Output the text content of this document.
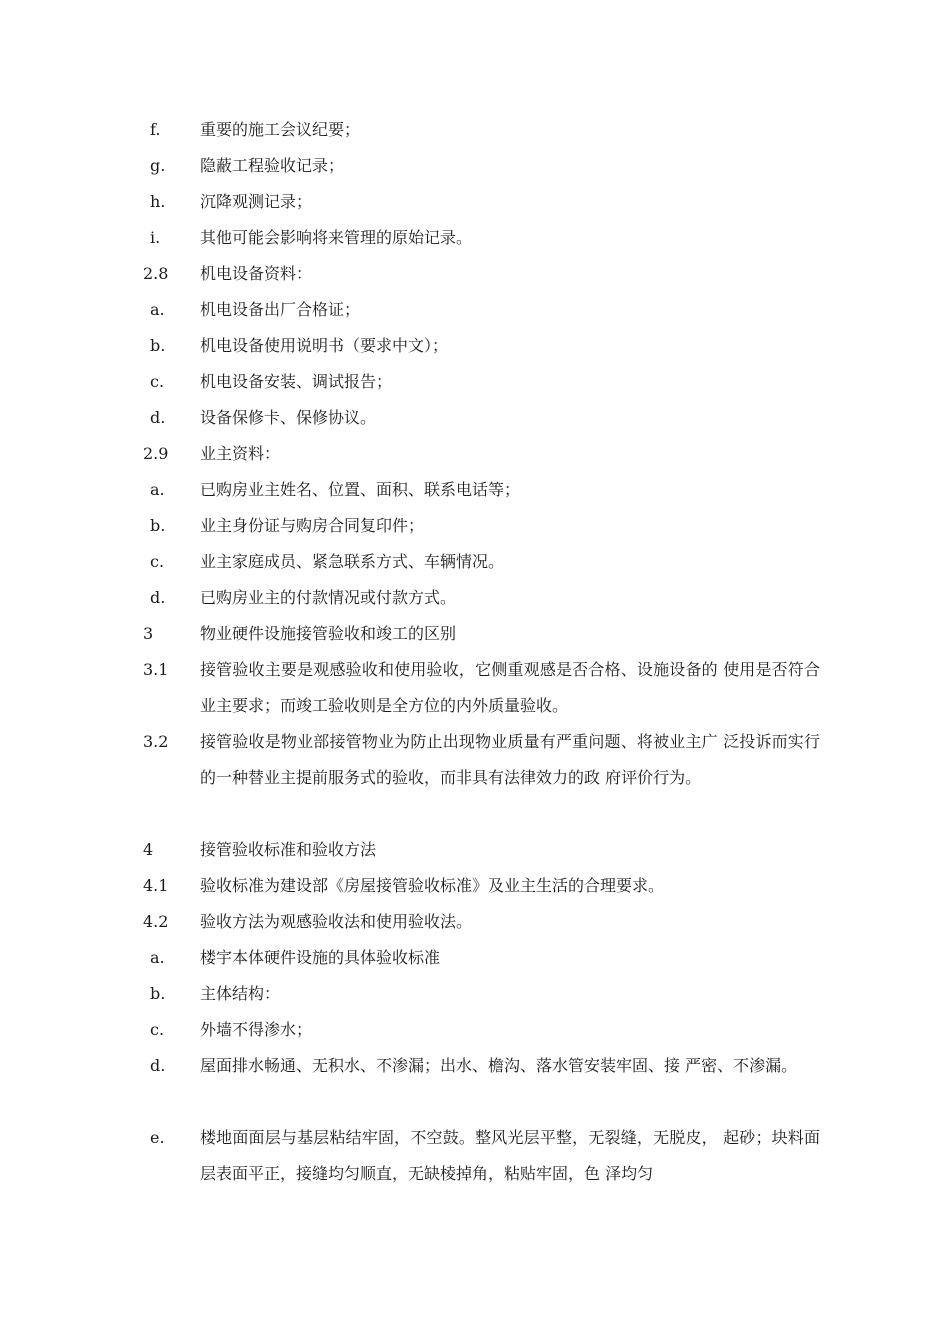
f. 重要的施工会议纪要；
g. 隐蔽工程验收记录；
h. 沉降观测记录；
i. 其他可能会影响将来管理的原始记录。
2.8 机电设备资料：
a. 机电设备出厂合格证；
b. 机电设备使用说明书（要求中文）；
c. 机电设备安装、调试报告；
d. 设备保修卡、保修协议。
2.9 业主资料：
a. 已购房业主姓名、位置、面积、联系电话等；
b. 业主身份证与购房合同复印件；
c. 业主家庭成员、紧急联系方式、车辆情况。
d. 已购房业主的付款情况或付款方式。
3	物业硬件设施接管验收和竣工的区别
3.1 接管验收主要是观感验收和使用验收，它侧重观感是否合格、设施设备的 使用是否符合业主要求；而竣工验收则是全方位的内外质量验收。
3.2 接管验收是物业部接管物业为防止出现物业质量有严重问题、将被业主广 泛投诉而实行的一种替业主提前服务式的验收，而非具有法律效力的政 府评价行为。
4	接管验收标准和验收方法
4.1 验收标准为建设部《房屋接管验收标准》及业主生活的合理要求。
4.2 验收方法为观感验收法和使用验收法。
a. 楼宇本体硬件设施的具体验收标准
b. 主体结构：
c. 外墙不得渗水；
d. 屋面排水畅通、无积水、不渗漏；出水、檐沟、落水管安装牢固、接 严密、不渗漏。
e. 楼地面面层与基层粘结牢固，不空鼓。整风光层平整，无裂缝，无脱皮， 起砂；块料面层表面平正，接缝均匀顺直，无缺棱掉角，粘贴牢固，色 泽均匀
